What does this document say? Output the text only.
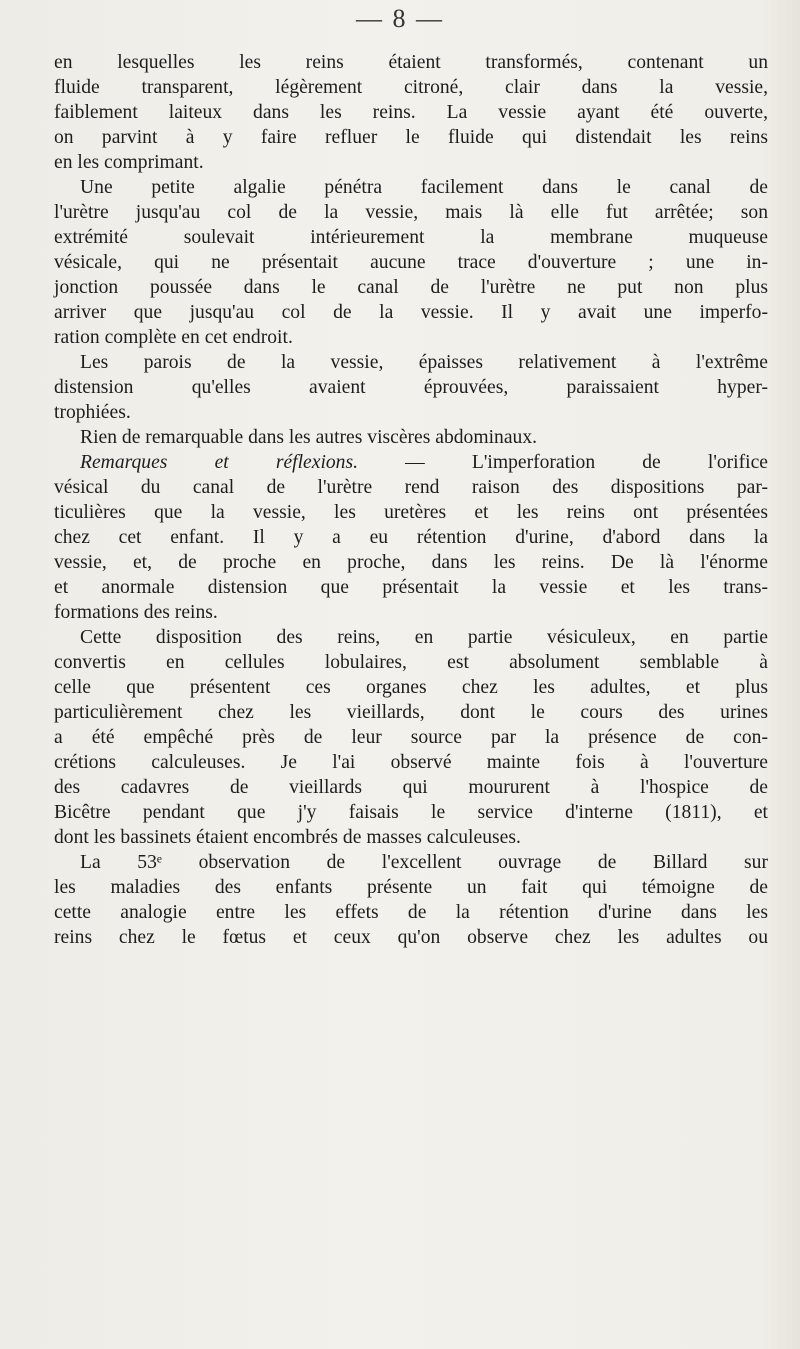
— 8 —
en lesquelles les reins étaient transformés, contenant un
fluide transparent, légèrement citroné, clair dans la vessie,
faiblement laiteux dans les reins. La vessie ayant été ouverte,
on parvint à y faire refluer le fluide qui distendait les reins
en les comprimant.
Une petite algalie pénétra facilement dans le canal de
l'urètre jusqu'au col de la vessie, mais là elle fut arrêtée; son
extrémité soulevait intérieurement la membrane muqueuse
vésicale, qui ne présentait aucune trace d'ouverture ; une in-
jonction poussée dans le canal de l'urètre ne put non plus
arriver que jusqu'au col de la vessie. Il y avait une imperfo-
ration complète en cet endroit.
Les parois de la vessie, épaisses relativement à l'extrême
distension qu'elles avaient éprouvées, paraissaient hyper-
trophiées.
Rien de remarquable dans les autres viscères abdominaux.
Remarques et réflexions. — L'imperforation de l'orifice
vésical du canal de l'urètre rend raison des dispositions par-
ticulières que la vessie, les uretères et les reins ont présentées
chez cet enfant. Il y a eu rétention d'urine, d'abord dans la
vessie, et, de proche en proche, dans les reins. De là l'énorme
et anormale distension que présentait la vessie et les trans-
formations des reins.
Cette disposition des reins, en partie vésiculeux, en partie
convertis en cellules lobulaires, est absolument semblable à
celle que présentent ces organes chez les adultes, et plus
particulièrement chez les vieillards, dont le cours des urines
a été empêché près de leur source par la présence de con-
crétions calculeuses. Je l'ai observé mainte fois à l'ouverture
des cadavres de vieillards qui moururent à l'hospice de
Bicêtre pendant que j'y faisais le service d'interne (1811), et
dont les bassinets étaient encombrés de masses calculeuses.
La 53ᵉ observation de l'excellent ouvrage de Billard sur
les maladies des enfants présente un fait qui témoigne de
cette analogie entre les effets de la rétention d'urine dans les
reins chez le fœtus et ceux qu'on observe chez les adultes ou
